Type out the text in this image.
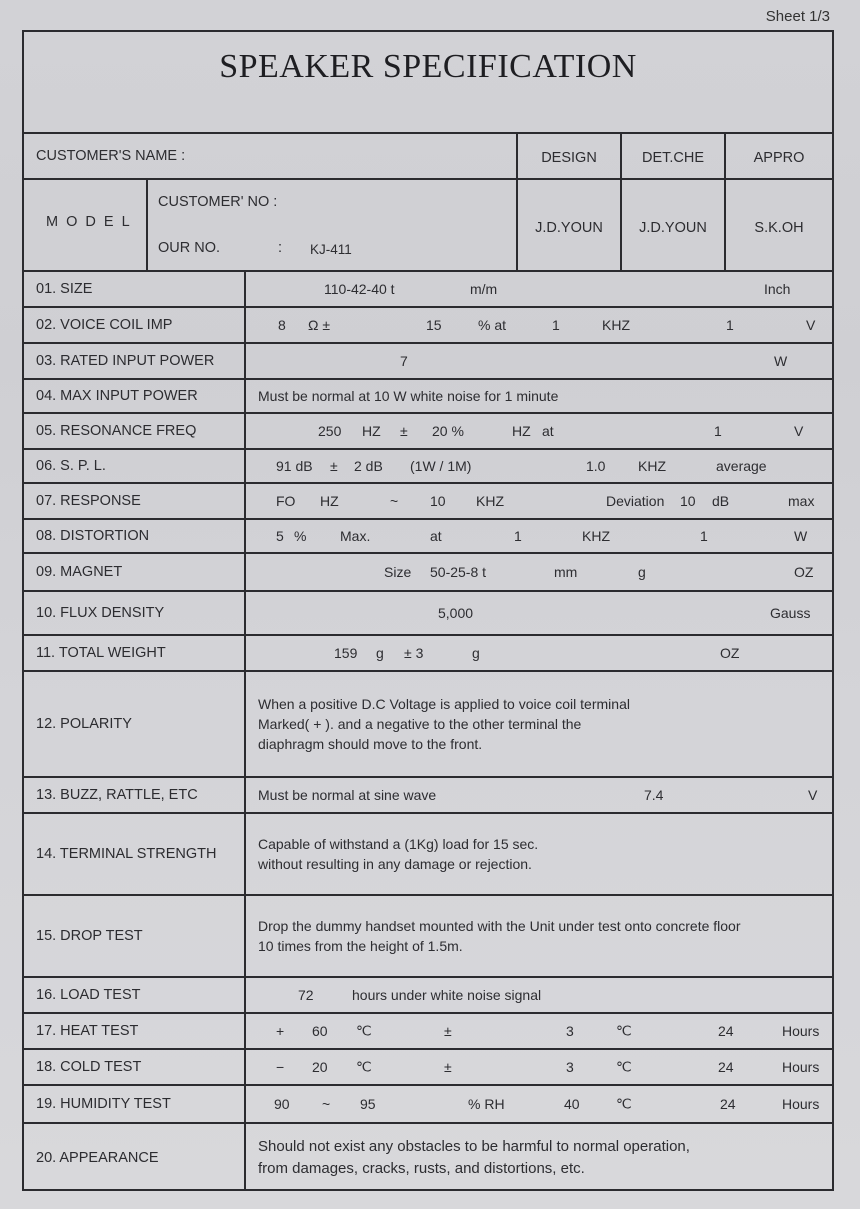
Sheet 1/3
SPEAKER SPECIFICATION
CUSTOMER'S NAME :	DESIGN	DET.CHE	APPRO
M O D E L
CUSTOMER' NO :
OUR NO.	: KJ-411
J.D.YOUN	J.D.YOUN	S.K.OH
01. SIZE	110-42-40 t	m/m	Inch
02. VOICE COIL IMP	8 Ω ±	15	% at	1	KHZ	1	V
03. RATED INPUT POWER	7	W
04. MAX INPUT POWER	Must be normal at 10 W white noise for 1 minute
05. RESONANCE FREQ	250 HZ ± 20 %	HZ at	1	V
06. S. P. L.	91 dB ± 2 dB (1W / 1M)	1.0 KHZ	average
07. RESPONSE	FO HZ	~ 10 KHZ	Deviation 10 dB	max
08. DISTORTION	5 % Max.	at	1	KHZ	1	W
09. MAGNET	Size 50-25-8 t	mm	g	OZ
10. FLUX DENSITY	5,000	Gauss
11. TOTAL WEIGHT	159 g ± 3	g	OZ
12. POLARITY
When a positive D.C Voltage is applied to voice coil terminal
Marked( + ). and a negative to the other terminal the
diaphragm should move to the front.
13. BUZZ, RATTLE, ETC	Must be normal at sine wave	7.4	V
14. TERMINAL STRENGTH
Capable of withstand a (1Kg) load for 15 sec.
without resulting in any damage or rejection.
15. DROP TEST
Drop the dummy handset mounted with the Unit under test onto concrete floor
10 times from the height of 1.5m.
16. LOAD TEST	72	hours under white noise signal
17. HEAT TEST	+ 60 ℃	±	3	℃	24	Hours
18. COLD TEST	− 20 ℃	±	3	℃	24	Hours
19. HUMIDITY TEST	90 ~ 95	% RH	40	℃	24	Hours
20. APPEARANCE
Should not exist any obstacles to be harmful to normal operation,
from damages, cracks, rusts, and distortions, etc.
